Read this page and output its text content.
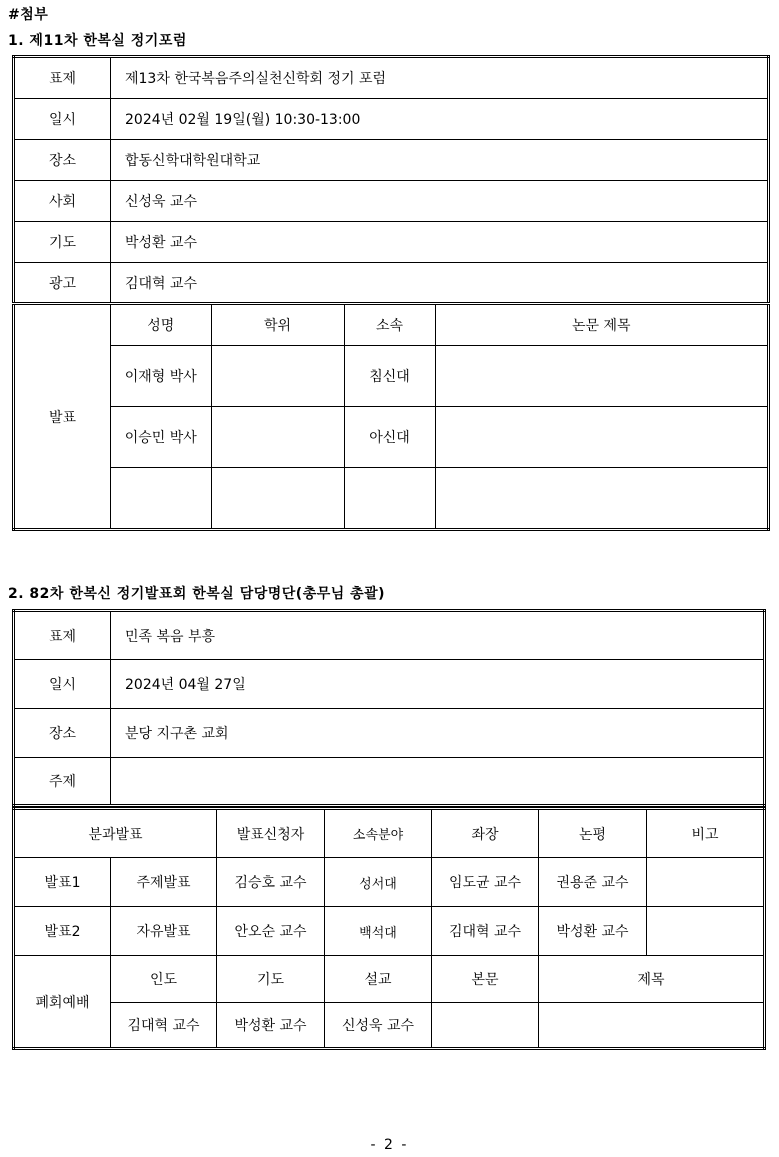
#첨부
1. 제11차 한복실 정기포럼
표제	제13차 한국복음주의실천신학회 정기 포럼
일시	2024년 02월 19일(월) 10:30-13:00
장소	합동신학대학원대학교
사회	신성욱 교수
기도	박성환 교수
광고	김대혁 교수
발표	
성명	학위	소속	논문 제목
이재형 박사		침신대	
이승민 박사		아신대	

2. 82차 한복신 정기발표회 한복실 담당명단(총무님 총괄)
표제	민족 복음 부흥
일시	2024년 04월 27일
장소	분당 지구촌 교회
주제	
분과발표		발표신청자	소속분야	좌장	논평	비고
발표1	주제발표	김승호 교수	성서대	임도균 교수	권용준 교수	
발표2	자유발표	안오순 교수	백석대	김대혁 교수	박성환 교수	
폐회예배	인도	기도	설교	본문	제목	
	김대혁 교수	박성환 교수	신성욱 교수			
- 2 -
